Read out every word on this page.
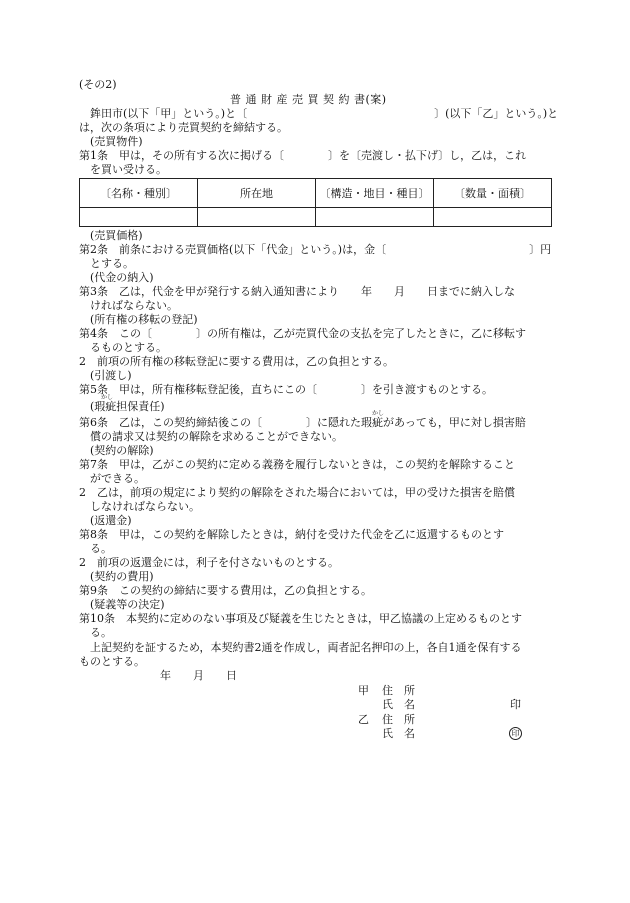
(その2)
普 通 財 産 売 買 契 約 書(案)
　鉾田市(以下「甲」という。)と〔　　　　　　　　　　　　　　　　　〕(以下「乙」という。)と
は，次の条項により売買契約を締結する。
(売買物件)
第1条　甲は，その所有する次に掲げる〔　　　　〕を〔売渡し・払下げ〕し，乙は，これ
　を買い受ける。
〔名称・種別〕	所在地	〔構造・地目・種目〕	〔数量・面積〕

(売買価格)
第2条　前条における売買価格(以下「代金」という。)は，金〔　　　　　　　　　　　　　〕円
　とする。
(代金の納入)
第3条　乙は，代金を甲が発行する納入通知書により　　年　　月　　日までに納入しな
　ければならない。
(所有権の移転の登記)
第4条　この〔　　　　〕の所有権は，乙が売買代金の支払を完了したときに，乙に移転す
　るものとする。
2　前項の所有権の移転登記に要する費用は，乙の負担とする。
(引渡し)
第5条　甲は，所有権移転登記後，直ちにこの〔　　　　〕を引き渡すものとする。
かし
(瑕疵担保責任)
かし
第6条　乙は，この契約締結後この〔　　　　〕に隠れた瑕疵があっても，甲に対し損害賠
　償の請求又は契約の解除を求めることができない。
(契約の解除)
第7条　甲は，乙がこの契約に定める義務を履行しないときは，この契約を解除すること
　ができる。
2　乙は，前項の規定により契約の解除をされた場合においては，甲の受けた損害を賠償
　しなければならない。
(返還金)
第8条　甲は，この契約を解除したときは，納付を受けた代金を乙に返還するものとす
　る。
2　前項の返還金には，利子を付さないものとする。
(契約の費用)
第9条　この契約の締結に要する費用は，乙の負担とする。
(疑義等の決定)
第10条　本契約に定めのない事項及び疑義を生じたときは，甲乙協議の上定めるものとす
　る。
　上記契約を証するため，本契約書2通を作成し，両者記名押印の上，各自1通を保有する
ものとする。
年　　月　　日
甲 住　所
氏　名	印
乙 住　所
氏　名	印
